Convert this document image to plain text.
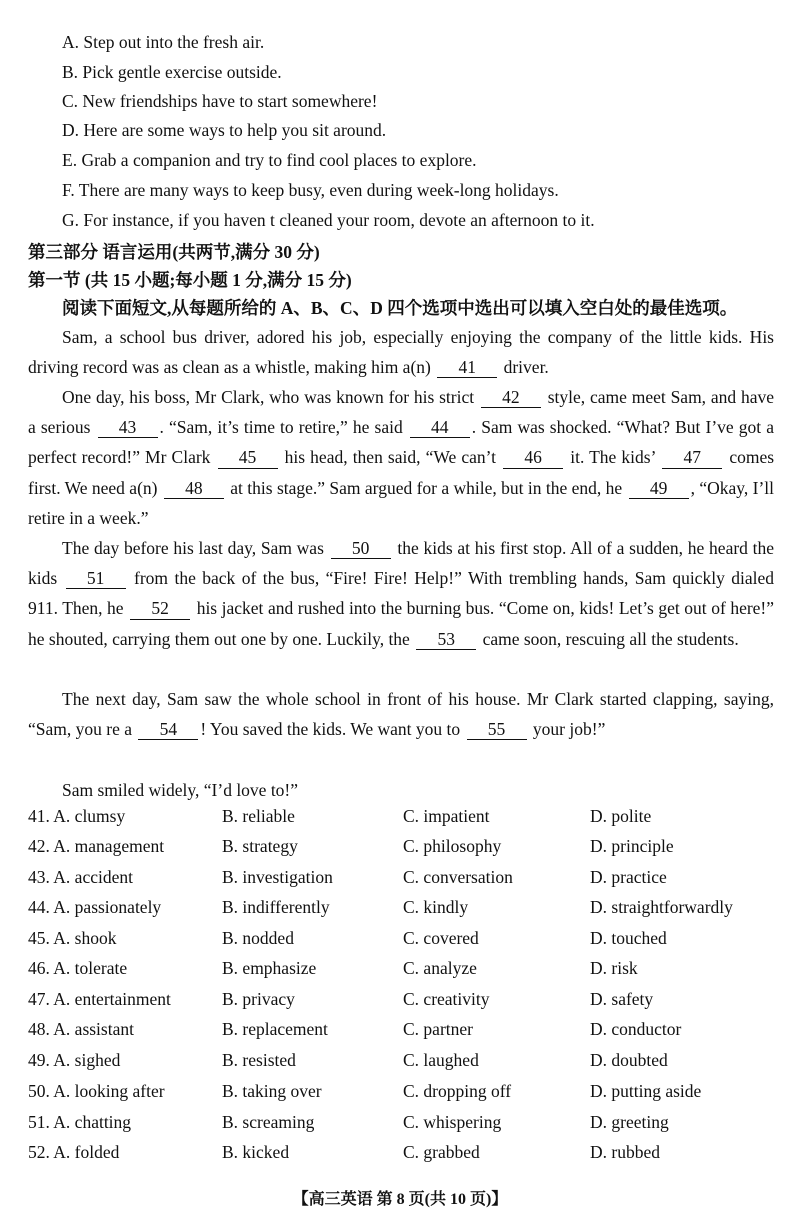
A. Step out into the fresh air.
B. Pick gentle exercise outside.
C. New friendships have to start somewhere!
D. Here are some ways to help you sit around.
E. Grab a companion and try to find cool places to explore.
F. There are many ways to keep busy, even during week-long holidays.
G. For instance, if you haven t cleaned your room, devote an afternoon to it.
第三部分 语言运用(共两节,满分 30 分)
第一节 (共 15 小题;每小题 1 分,满分 15 分)
阅读下面短文,从每题所给的 A、B、C、D 四个选项中选出可以填入空白处的最佳选项。
Sam, a school bus driver, adored his job, especially enjoying the company of the little kids. His driving record was as clean as a whistle, making him a(n) 41 driver.
One day, his boss, Mr Clark, who was known for his strict 42 style, came meet Sam, and have a serious 43 . “Sam, it’s time to retire,” he said 44 . Sam was shocked. “What? But I’ve got a perfect record!” Mr Clark 45 his head, then said, “We can’t 46 it. The kids’ 47 comes first. We need a(n) 48 at this stage.” Sam argued for a while, but in the end, he 49 , “Okay, I’ll retire in a week.”
The day before his last day, Sam was 50 the kids at his first stop. All of a sudden, he heard the kids 51 from the back of the bus, “Fire! Fire! Help!” With trembling hands, Sam quickly dialed 911. Then, he 52 his jacket and rushed into the burning bus. “Come on, kids! Let’s get out of here!” he shouted, carrying them out one by one. Luckily, the 53 came soon, rescuing all the students.
The next day, Sam saw the whole school in front of his house. Mr Clark started clapping, saying, “Sam, you re a 54 ! You saved the kids. We want you to 55 your job!”
Sam smiled widely, “I’d love to!”
41. A. clumsy	B. reliable	C. impatient	D. polite
42. A. management	B. strategy	C. philosophy	D. principle
43. A. accident	B. investigation	C. conversation	D. practice
44. A. passionately	B. indifferently	C. kindly	D. straightforwardly
45. A. shook	B. nodded	C. covered	D. touched
46. A. tolerate	B. emphasize	C. analyze	D. risk
47. A. entertainment	B. privacy	C. creativity	D. safety
48. A. assistant	B. replacement	C. partner	D. conductor
49. A. sighed	B. resisted	C. laughed	D. doubted
50. A. looking after	B. taking over	C. dropping off	D. putting aside
51. A. chatting	B. screaming	C. whispering	D. greeting
52. A. folded	B. kicked	C. grabbed	D. rubbed
【高三英语 第 8 页(共 10 页)】
